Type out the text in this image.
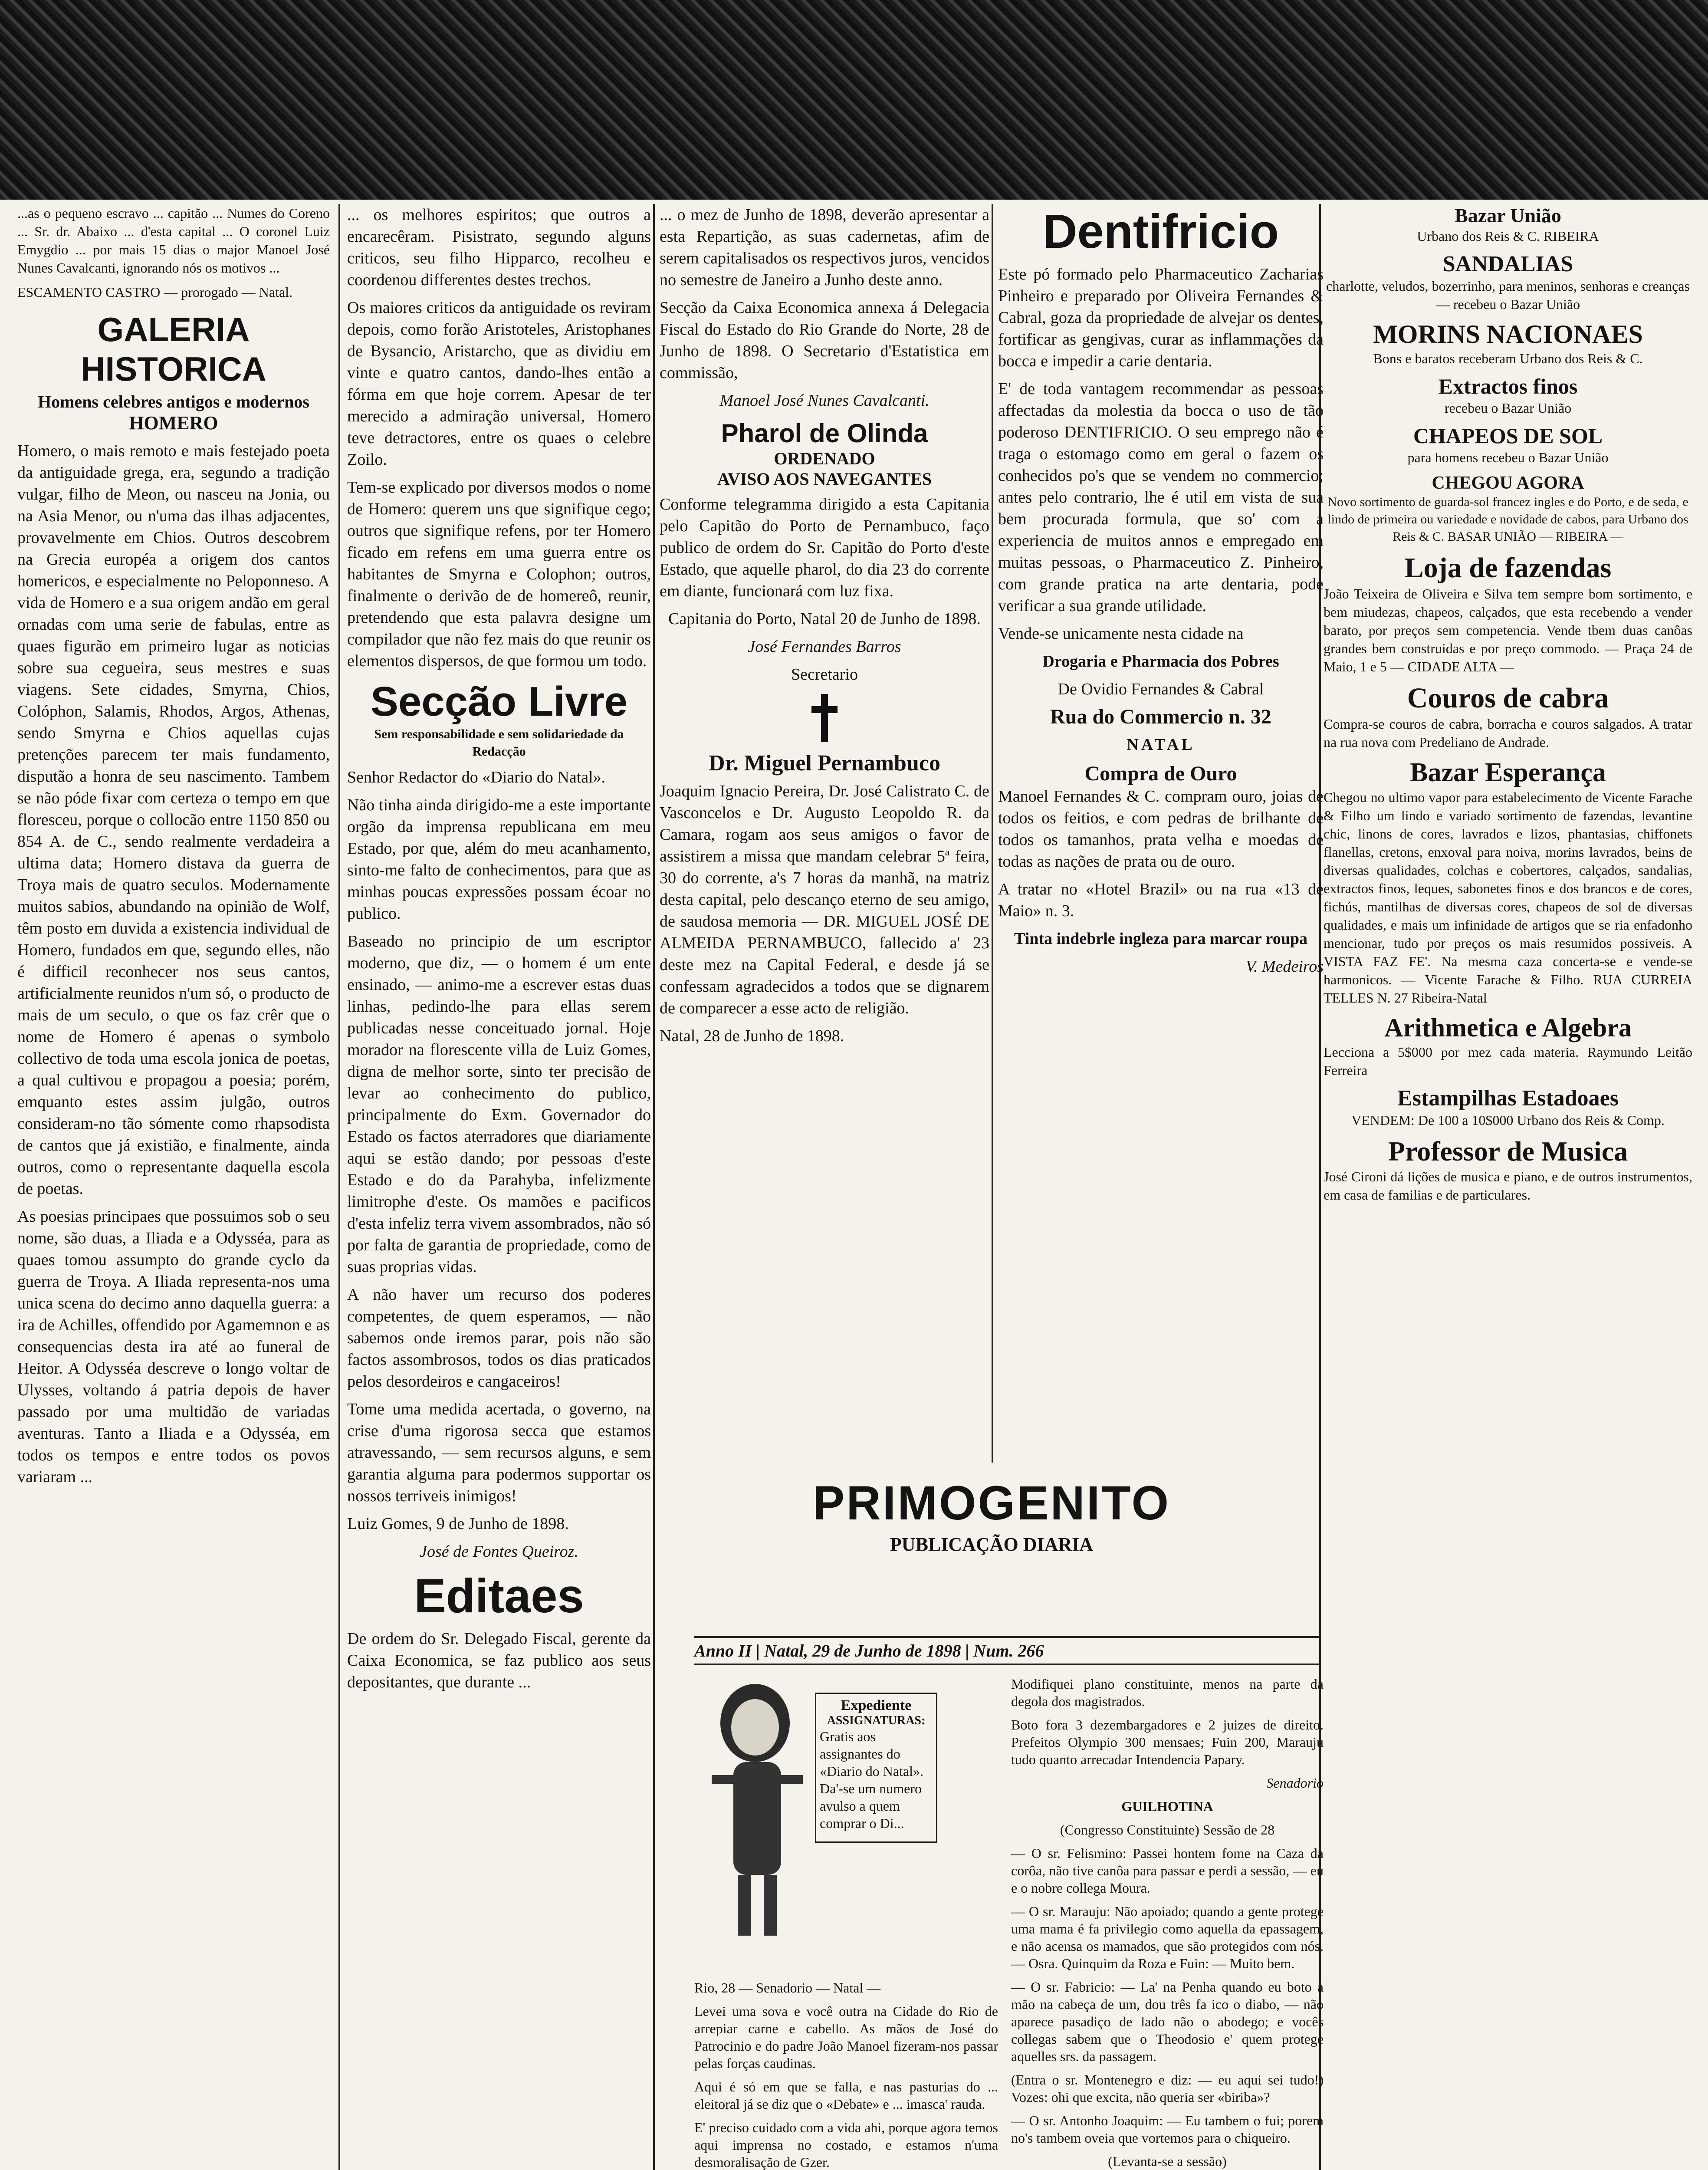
...as o pequeno escravo ... capitão ... Numes do Coreno ... Sr. dr. Abaixo ... d'esta capital ... O coronel Luiz Emygdio ... por mais 15 dias o major Manoel José Nunes Cavalcanti, ignorando nós os motivos ...

ESCAMENTO CASTRO — prorogado — Natal.

GALERIA HISTORICA
Homens celebres antigos e modernos
HOMERO

Homero, o mais remoto e mais festejado poeta da antiguidade grega, era, segundo a tradição vulgar, filho de Meon, ou nasceu na Jonia, ou na Asia Menor, ou n'uma das ilhas adjacentes, provavelmente em Chios. Outros descobrem na Grecia européa a origem dos cantos homericos, e especialmente no Peloponneso. A vida de Homero e a sua origem andão em geral ornadas com uma serie de fabulas, entre as quaes figurão em primeiro lugar as noticias sobre sua cegueira, seus mestres e suas viagens. Sete cidades, Smyrna, Chios, Colóphon, Salamis, Rhodos, Argos, Athenas, sendo Smyrna e Chios aquellas cujas pretenções parecem ter mais fundamento, disputão a honra de seu nascimento. Tambem se não póde fixar com certeza o tempo em que floresceu, porque o collocão entre 1150 850 ou 854 A. de C., sendo realmente verdadeira a ultima data; Homero distava da guerra de Troya mais de quatro seculos. Modernamente muitos sabios, abundando na opinião de Wolf, têm posto em duvida a existencia individual de Homero, fundados em que, segundo elles, não é difficil reconhecer nos seus cantos, artificialmente reunidos n'um só, o producto de mais de um seculo, o que os faz crêr que o nome de Homero é apenas o symbolo collectivo de toda uma escola jonica de poetas, a qual cultivou e propagou a poesia; porém, emquanto estes assim julgão, outros consideram-no tão sómente como rhapsodista de cantos que já existião, e finalmente, ainda outros, como o representante daquella escola de poetas.

As poesias principaes que possuimos sob o seu nome, são duas, a Iliada e a Odysséa, para as quaes tomou assumpto do grande cyclo da guerra de Troya. A Iliada representa-nos uma unica scena do decimo anno daquella guerra: a ira de Achilles, offendido por Agamemnon e as consequencias desta ira até ao funeral de Heitor. A Odysséa descreve o longo voltar de Ulysses, voltando á patria depois de haver passado por uma multidão de variadas aventuras. Tanto a Iliada e a Odysséa, em todos os tempos e entre todos os povos variaram ...

... os melhores espiritos; que outros a encarecêram. Pisistrato, segundo alguns criticos, seu filho Hipparco, recolheu e coordenou differentes destes trechos.

Os maiores criticos da antiguidade os reviram depois, como forão Aristoteles, Aristophanes de Bysancio, Aristarcho, que as dividiu em vinte e quatro cantos, dando-lhes então a fórma em que hoje correm. Apesar de ter merecido a admiração universal, Homero teve detractores, entre os quaes o celebre Zoilo.

Tem-se explicado por diversos modos o nome de Homero: querem uns que signifique cego; outros que signifique refens, por ter Homero ficado em refens em uma guerra entre os habitantes de Smyrna e Colophon; outros, finalmente o derivão de de homereô, reunir, pretendendo que esta palavra designe um compilador que não fez mais do que reunir os elementos dispersos, de que formou um todo.

Secção Livre
Sem responsabilidade e sem solidariedade da Redacção

Senhor Redactor do «Diario do Natal».

Não tinha ainda dirigido-me a este importante orgão da imprensa republicana em meu Estado, por que, além do meu acanhamento, sinto-me falto de conhecimentos, para que as minhas poucas expressões possam écoar no publico.

Baseado no principio de um escriptor moderno, que diz, — o homem é um ente ensinado, — animo-me a escrever estas duas linhas, pedindo-lhe para ellas serem publicadas nesse conceituado jornal. Hoje morador na florescente villa de Luiz Gomes, digna de melhor sorte, sinto ter precisão de levar ao conhecimento do publico, principalmente do Exm. Governador do Estado os factos aterradores que diariamente aqui se estão dando; por pessoas d'este Estado e do da Parahyba, infelizmente limitrophe d'este. Os mamões e pacificos d'esta infeliz terra vivem assombrados, não só por falta de garantia de propriedade, como de suas proprias vidas.

A não haver um recurso dos poderes competentes, de quem esperamos, — não sabemos onde iremos parar, pois não são factos assombrosos, todos os dias praticados pelos desordeiros e cangaceiros!

Tome uma medida acertada, o governo, na crise d'uma rigorosa secca que estamos atravessando, — sem recursos alguns, e sem garantia alguma para podermos supportar os nossos terriveis inimigos!

Luiz Gomes, 9 de Junho de 1898.

José de Fontes Queiroz.

Editaes

De ordem do Sr. Delegado Fiscal, gerente da Caixa Economica, se faz publico aos seus depositantes, que durante ...

... o mez de Junho de 1898, deverão apresentar a esta Repartição, as suas cadernetas, afim de serem capitalisados os respectivos juros, vencidos no semestre de Janeiro a Junho deste anno.

Secção da Caixa Economica annexa á Delegacia Fiscal do Estado do Rio Grande do Norte, 28 de Junho de 1898. O Secretario d'Estatistica em commissão,

Manoel José Nunes Cavalcanti.

Pharol de Olinda
ORDENADO
AVISO AOS NAVEGANTES

Conforme telegramma dirigido a esta Capitania pelo Capitão do Porto de Pernambuco, faço publico de ordem do Sr. Capitão do Porto d'este Estado, que aquelle pharol, do dia 23 do corrente em diante, funcionará com luz fixa.

Capitania do Porto, Natal 20 de Junho de 1898.

José Fernandes Barros

Secretario

Dr. Miguel Pernambuco

Joaquim Ignacio Pereira, Dr. José Calistrato C. de Vasconcelos e Dr. Augusto Leopoldo R. da Camara, rogam aos seus amigos o favor de assistirem a missa que mandam celebrar 5ª feira, 30 do corrente, a's 7 horas da manhã, na matriz desta capital, pelo descanço eterno de seu amigo, de saudosa memoria — DR. MIGUEL JOSÉ DE ALMEIDA PERNAMBUCO, fallecido a' 23 deste mez na Capital Federal, e desde já se confessam agradecidos a todos que se dignarem de comparecer a esse acto de religião.

Natal, 28 de Junho de 1898.

Dentifricio

Este pó formado pelo Pharmaceutico Zacharias Pinheiro e preparado por Oliveira Fernandes & Cabral, goza da propriedade de alvejar os dentes, fortificar as gengivas, curar as inflammações da bocca e impedir a carie dentaria.

E' de toda vantagem recommendar as pessoas affectadas da molestia da bocca o uso de tão poderoso DENTIFRICIO. O seu emprego não é traga o estomago como em geral o fazem os conhecidos po's que se vendem no commercio; antes pelo contrario, lhe é util em vista de sua bem procurada formula, que so' com a experiencia de muitos annos e empregado em muitas pessoas, o Pharmaceutico Z. Pinheiro, com grande pratica na arte dentaria, pode verificar a sua grande utilidade.

Vende-se unicamente nesta cidade na

Drogaria e Pharmacia dos Pobres

De Ovidio Fernandes & Cabral

Rua do Commercio n. 32

NATAL

Compra de Ouro

Manoel Fernandes & C. compram ouro, joias de todos os feitios, e com pedras de brilhante de todos os tamanhos, prata velha e moedas de todas as nações de prata ou de ouro.

A tratar no «Hotel Brazil» ou na rua «13 de Maio» n. 3.

Tinta indebrle ingleza para marcar roupa

V. Medeiros

Bazar União

Urbano dos Reis & C. RIBEIRA

SANDALIAS

charlotte, veludos, bozerrinho, para meninos, senhoras e creanças — recebeu o Bazar União

MORINS NACIONAES

Bons e baratos receberam Urbano dos Reis & C.

Extractos finos

recebeu o Bazar União

CHAPEOS DE SOL

para homens recebeu o Bazar União

CHEGOU AGORA

Novo sortimento de guarda-sol francez ingles e do Porto, e de seda, e lindo de primeira ou variedade e novidade de cabos, para Urbano dos Reis & C. BASAR UNIÃO — RIBEIRA —

Loja de fazendas

João Teixeira de Oliveira e Silva tem sempre bom sortimento, e bem miudezas, chapeos, calçados, que esta recebendo a vender barato, por preços sem competencia. Vende tbem duas canôas grandes bem construidas e por preço commodo. — Praça 24 de Maio, 1 e 5 — CIDADE ALTA —

Couros de cabra

Compra-se couros de cabra, borracha e couros salgados. A tratar na rua nova com Predeliano de Andrade.

Bazar Esperança

Chegou no ultimo vapor para estabelecimento de Vicente Farache & Filho um lindo e variado sortimento de fazendas, levantine chic, linons de cores, lavrados e lizos, phantasias, chiffonets flanellas, cretons, enxoval para noiva, morins lavrados, beins de diversas qualidades, colchas e cobertores, calçados, sandalias, extractos finos, leques, sabonetes finos e dos brancos e de cores, fichús, mantilhas de diversas cores, chapeos de sol de diversas qualidades, e mais um infinidade de artigos que se ria enfadonho mencionar, tudo por preços os mais resumidos possiveis. A VISTA FAZ FE'. Na mesma caza concerta-se e vende-se harmonicos. — Vicente Farache & Filho. RUA CURREIA TELLES N. 27 Ribeira-Natal

Arithmetica e Algebra

Lecciona a 5$000 por mez cada materia. Raymundo Leitão Ferreira

Estampilhas Estadoaes

VENDEM: De 100 a 10$000 Urbano dos Reis & Comp.

Professor de Musica

José Cironi dá lições de musica e piano, e de outros instrumentos, em casa de familias e de particulares.

PRIMOGENITO
PUBLICAÇÃO DIARIA
Anno II | Natal, 29 de Junho de 1898 | Num. 266
Expediente
ASSIGNATURAS:

Gratis aos assignantes do «Diario do Natal». Da'-se um numero avulso a quem comprar o Di...

Rio, 28 — Senadorio — Natal —

Levei uma sova e você outra na Cidade do Rio de arrepiar carne e cabello. As mãos de José do Patrocinio e do padre João Manoel fizeram-nos passar pelas forças caudinas.

Aqui é só em que se falla, e nas pasturias do ... eleitoral já se diz que o «Debate» e ... imasca' rauda.

E' preciso cuidado com a vida ahi, porque agora temos aqui imprensa no costado, e estamos n'uma desmoralisação de Gzer.

Modifiquei plano constituinte, menos na parte da degola dos magistrados.

Boto fora 3 dezembargadores e 2 juizes de direito. Prefeitos Olympio 300 mensaes; Fuin 200, Marauju tudo quanto arrecadar Intendencia Papary.

Senadorio

GUILHOTINA

(Congresso Constituinte) Sessão de 28

— O sr. Felismino: Passei hontem fome na Caza da corôa, não tive canôa para passar e perdi a sessão, — eu e o nobre collega Moura.

— O sr. Marauju: Não apoiado; quando a gente protege uma mama é fa privilegio como aquella da epassagem, e não acensa os mamados, que são protegidos com nós. — Osra. Quinquim da Roza e Fuin: — Muito bem.

— O sr. Fabricio: — La' na Penha quando eu boto a mão na cabeça de um, dou três fa ico o diabo, — não aparece pasadiço de lado não o abodego; e vocês collegas sabem que o Theodosio e' quem protege aquelles srs. da passagem.

(Entra o sr. Montenegro e diz: — eu aqui sei tudo!) Vozes: ohi que excita, não queria ser «biriba»?

— O sr. Antonho Joaquim: — Eu tambem o fui; porem no's tambem oveia que vortemos para o chiqueiro.

(Levanta-se a sessão)
